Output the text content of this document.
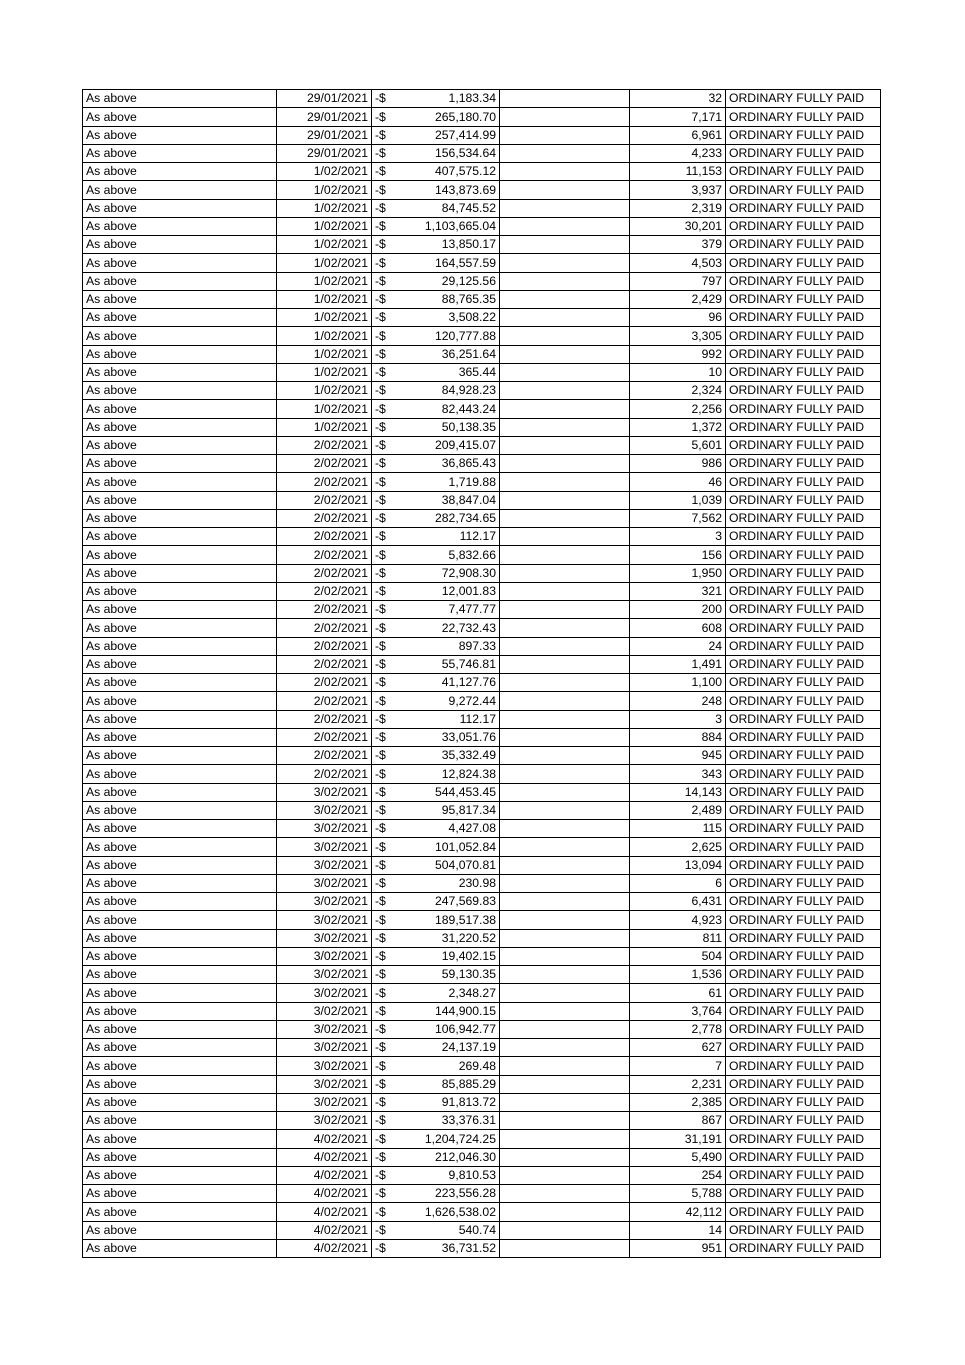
As above	29/01/2021	-$	1,183.34		32	ORDINARY FULLY PAID
As above	29/01/2021	-$	265,180.70		7,171	ORDINARY FULLY PAID
As above	29/01/2021	-$	257,414.99		6,961	ORDINARY FULLY PAID
As above	29/01/2021	-$	156,534.64		4,233	ORDINARY FULLY PAID
As above	1/02/2021	-$	407,575.12		11,153	ORDINARY FULLY PAID
As above	1/02/2021	-$	143,873.69		3,937	ORDINARY FULLY PAID
As above	1/02/2021	-$	84,745.52		2,319	ORDINARY FULLY PAID
As above	1/02/2021	-$	1,103,665.04		30,201	ORDINARY FULLY PAID
As above	1/02/2021	-$	13,850.17		379	ORDINARY FULLY PAID
As above	1/02/2021	-$	164,557.59		4,503	ORDINARY FULLY PAID
As above	1/02/2021	-$	29,125.56		797	ORDINARY FULLY PAID
As above	1/02/2021	-$	88,765.35		2,429	ORDINARY FULLY PAID
As above	1/02/2021	-$	3,508.22		96	ORDINARY FULLY PAID
As above	1/02/2021	-$	120,777.88		3,305	ORDINARY FULLY PAID
As above	1/02/2021	-$	36,251.64		992	ORDINARY FULLY PAID
As above	1/02/2021	-$	365.44		10	ORDINARY FULLY PAID
As above	1/02/2021	-$	84,928.23		2,324	ORDINARY FULLY PAID
As above	1/02/2021	-$	82,443.24		2,256	ORDINARY FULLY PAID
As above	1/02/2021	-$	50,138.35		1,372	ORDINARY FULLY PAID
As above	2/02/2021	-$	209,415.07		5,601	ORDINARY FULLY PAID
As above	2/02/2021	-$	36,865.43		986	ORDINARY FULLY PAID
As above	2/02/2021	-$	1,719.88		46	ORDINARY FULLY PAID
As above	2/02/2021	-$	38,847.04		1,039	ORDINARY FULLY PAID
As above	2/02/2021	-$	282,734.65		7,562	ORDINARY FULLY PAID
As above	2/02/2021	-$	112.17		3	ORDINARY FULLY PAID
As above	2/02/2021	-$	5,832.66		156	ORDINARY FULLY PAID
As above	2/02/2021	-$	72,908.30		1,950	ORDINARY FULLY PAID
As above	2/02/2021	-$	12,001.83		321	ORDINARY FULLY PAID
As above	2/02/2021	-$	7,477.77		200	ORDINARY FULLY PAID
As above	2/02/2021	-$	22,732.43		608	ORDINARY FULLY PAID
As above	2/02/2021	-$	897.33		24	ORDINARY FULLY PAID
As above	2/02/2021	-$	55,746.81		1,491	ORDINARY FULLY PAID
As above	2/02/2021	-$	41,127.76		1,100	ORDINARY FULLY PAID
As above	2/02/2021	-$	9,272.44		248	ORDINARY FULLY PAID
As above	2/02/2021	-$	112.17		3	ORDINARY FULLY PAID
As above	2/02/2021	-$	33,051.76		884	ORDINARY FULLY PAID
As above	2/02/2021	-$	35,332.49		945	ORDINARY FULLY PAID
As above	2/02/2021	-$	12,824.38		343	ORDINARY FULLY PAID
As above	3/02/2021	-$	544,453.45		14,143	ORDINARY FULLY PAID
As above	3/02/2021	-$	95,817.34		2,489	ORDINARY FULLY PAID
As above	3/02/2021	-$	4,427.08		115	ORDINARY FULLY PAID
As above	3/02/2021	-$	101,052.84		2,625	ORDINARY FULLY PAID
As above	3/02/2021	-$	504,070.81		13,094	ORDINARY FULLY PAID
As above	3/02/2021	-$	230.98		6	ORDINARY FULLY PAID
As above	3/02/2021	-$	247,569.83		6,431	ORDINARY FULLY PAID
As above	3/02/2021	-$	189,517.38		4,923	ORDINARY FULLY PAID
As above	3/02/2021	-$	31,220.52		811	ORDINARY FULLY PAID
As above	3/02/2021	-$	19,402.15		504	ORDINARY FULLY PAID
As above	3/02/2021	-$	59,130.35		1,536	ORDINARY FULLY PAID
As above	3/02/2021	-$	2,348.27		61	ORDINARY FULLY PAID
As above	3/02/2021	-$	144,900.15		3,764	ORDINARY FULLY PAID
As above	3/02/2021	-$	106,942.77		2,778	ORDINARY FULLY PAID
As above	3/02/2021	-$	24,137.19		627	ORDINARY FULLY PAID
As above	3/02/2021	-$	269.48		7	ORDINARY FULLY PAID
As above	3/02/2021	-$	85,885.29		2,231	ORDINARY FULLY PAID
As above	3/02/2021	-$	91,813.72		2,385	ORDINARY FULLY PAID
As above	3/02/2021	-$	33,376.31		867	ORDINARY FULLY PAID
As above	4/02/2021	-$	1,204,724.25		31,191	ORDINARY FULLY PAID
As above	4/02/2021	-$	212,046.30		5,490	ORDINARY FULLY PAID
As above	4/02/2021	-$	9,810.53		254	ORDINARY FULLY PAID
As above	4/02/2021	-$	223,556.28		5,788	ORDINARY FULLY PAID
As above	4/02/2021	-$	1,626,538.02		42,112	ORDINARY FULLY PAID
As above	4/02/2021	-$	540.74		14	ORDINARY FULLY PAID
As above	4/02/2021	-$	36,731.52		951	ORDINARY FULLY PAID
